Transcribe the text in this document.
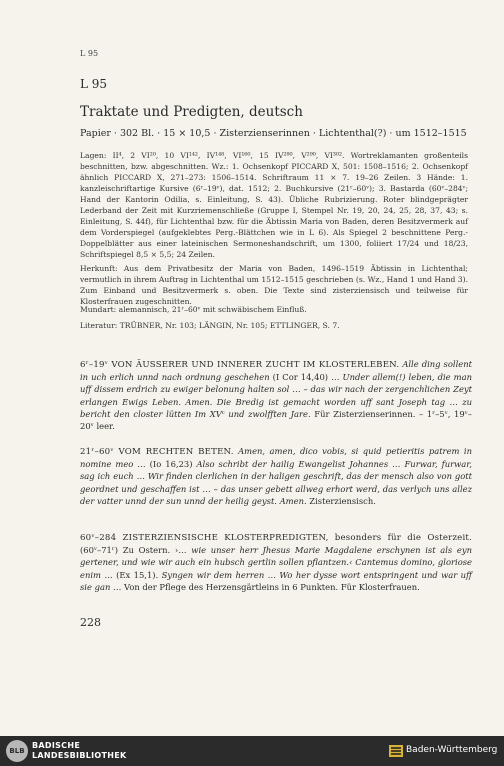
L 95
L 95
Traktate und Predigten, deutsch
Papier · 302 Bl. · 15 × 10,5 · Zisterzienserinnen · Lichtenthal(?) · um 1512–1515

Lagen: II⁴, 2 VI²⁰, 10 VI¹⁴², IV¹⁴⁸, VI¹⁶⁰, 15 IV²⁸⁰, V²⁹⁰, VI³⁰². Wortreklamanten großenteils beschnitten, bzw. abgeschnitten. Wz.: 1. Ochsenkopf PICCARD X, 501: 1508–1516; 2. Ochsenkopf ähnlich PICCARD X, 271–273: 1506–1514. Schriftraum 11 × 7. 19–26 Zeilen. 3 Hände: 1. kanzleischriftartige Kursive (6ʳ–19ᵛ), dat. 1512; 2. Buchkursive (21ʳ–60ᵛ); 3. Bastarda (60ᵛ–284ᵛ; Hand der Kantorin Odilia, s. Einleitung, S. 43). Übliche Rubrizierung. Roter blindgeprägter Lederband der Zeit mit Kurzriemenschließe (Gruppe I, Stempel Nr. 19, 20, 24, 25, 28, 37, 43; s. Einleitung, S. 44f), für Lichtenthal bzw. für die Äbtissin Maria von Baden, deren Besitzvermerk auf dem Vorderspiegel (aufgeklebtes Perg.-Blättchen wie in L 6). Als Spiegel 2 beschnittene Perg.-Doppelblätter aus einer lateinischen Sermoneshandschrift, um 1300, foliiert 17/24 und 18/23, Schriftspiegel 8,5 × 5,5; 24 Zeilen.

Herkunft: Aus dem Privatbesitz der Maria von Baden, 1496–1519 Äbtissin in Lichtenthal; vermutlich in ihrem Auftrag in Lichtenthal um 1512–1515 geschrieben (s. Wz., Hand 1 und Hand 3). Zum Einband und Besitzvermerk s. oben. Die Texte sind zisterziensisch und teilweise für Klosterfrauen zugeschnitten.

Mundart: alemannisch, 21ʳ–60ᵛ mit schwäbischem Einfluß.

Literatur: TRÜBNER, Nr. 103; LÄNGIN, Nr. 105; ETTLINGER, S. 7.

6ʳ–19ᵛ VON ÄUSSERER UND INNERER ZUCHT IM KLOSTERLEBEN. Alle ding sollent in uch erlich unnd nach ordnung geschehen (I Cor 14,40) … Under allem(!) leben, die man uff dissem erdrich zu ewiger belonung halten sol … – das wir nach der zergenchlichen Zeyt erlangen Ewigs Leben. Amen. Die Bredig ist gemacht worden uff sant Joseph tag … zu bericht den closter lütten Im XVᶜ und zwolfften Jare. Für Zisterzienserinnen. – 1ʳ–5ᵛ, 19ᵛ–20ᵛ leer.
21ʳ–60ᵛ VOM RECHTEN BETEN. Amen, amen, dico vobis, si quid petieritis patrem in nomine meo … (Io 16,23) Also schribt der hailig Ewangelist Johannes … Furwar, furwar, sag ich euch … Wir finden clerlichen in der haligen geschrift, das der mensch also von gott geordnet und geschaffen ist … – das unser gebett allweg erhort werd, das verlych uns allez der vatter unnd der sun unnd der heilig geyst. Amen. Zisterziensisch.
60ᵛ–284 ZISTERZIENSISCHE KLOSTERPREDIGTEN, besonders für die Osterzeit.(60ᵛ–71ʳ) Zu Ostern. ›… wie unser herr Jhesus Marie Magdalene erschynen ist als eyn gertener, und wie wir auch ein hubsch gertlin sollen pflantzen.‹ Cantemus domino, gloriose enim … (Ex 15,1). Syngen wir dem herren … Wo her dysse wort entspringent und war uff sie gan … Von der Pflege des Herzensgärtleins in 6 Punkten. Für Klosterfrauen.
228
BLB
BADISCHE
LANDESBIBLIOTHEK
Baden-Württemberg
